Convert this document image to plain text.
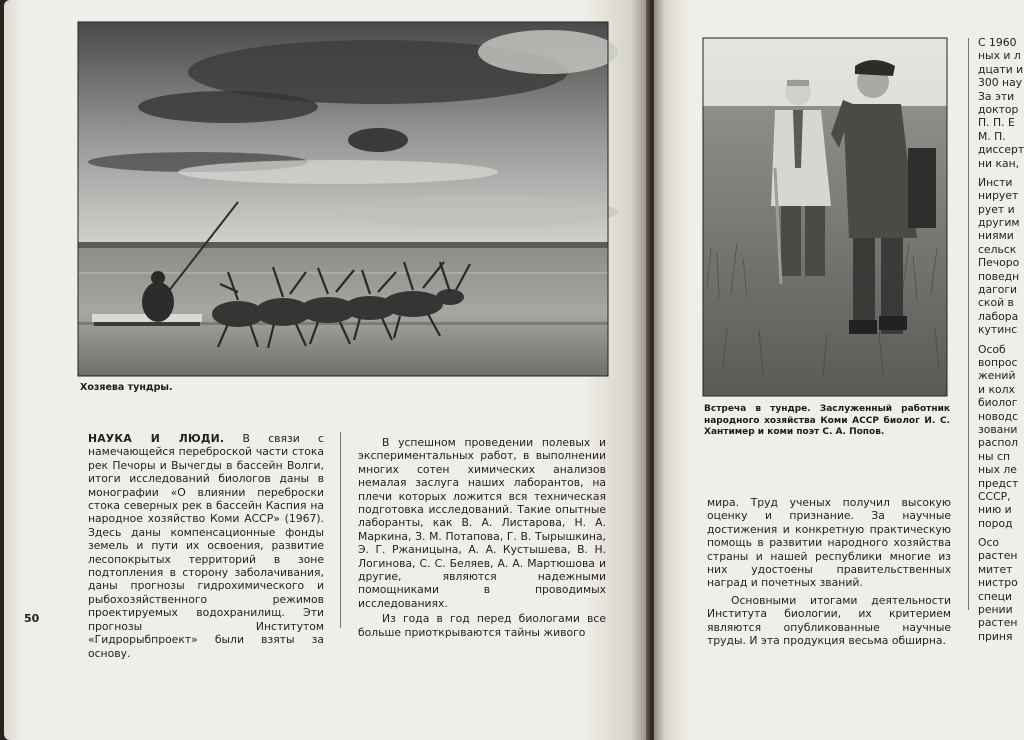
Хозяева тундры.

НАУКА И ЛЮДИ. В связи с намечающейся переброской части стока рек Печоры и Вычегды в бассейн Волги, итоги исследований биологов даны в монографии «О влиянии переброски стока северных рек в бассейн Каспия на народное хозяйство Коми АССР» (1967). Здесь даны компенсационные фонды земель и пути их освоения, развитие лесопокрытых территорий в зоне подтопления в сторону заболачивания, даны прогнозы гидрохимического и рыбохозяйственного режимов проектируемых водохранилищ. Эти прогнозы Институтом «Гидрорыбпроект» были взяты за основу.

В успешном проведении полевых и экспериментальных работ, в выполнении многих сотен химических анализов немалая заслуга наших лаборантов, на плечи которых ложится вся техническая подготовка исследований. Такие опытные лаборанты, как В. А. Листарова, Н. А. Маркина, З. М. Потапова, Г. В. Тырышкина, Э. Г. Ржаницына, А. А. Кустышева, В. Н. Логинова, С. С. Беляев, А. А. Мартюшова и другие, являются надежными помощниками в проводимых исследованиях.

Из года в год перед биологами все больше приоткрываются тайны живого

50
Встреча в тундре. Заслуженный работник народного хозяйства Коми АССР биолог И. С. Хантимер и коми поэт С. А. Попов.

мира. Труд ученых получил высокую оценку и признание. За научные достижения и конкретную практическую помощь в развитии народного хозяйства страны и нашей республики многие из них удостоены правительственных наград и почетных званий.

Основными итогами деятельности Института биологии, их критерием являются опубликованные научные труды. И эта продукция весьма обширна.

С 1960
ных и л
дцати и
300 нау
За эти
доктор
П. П. Е
М. П.
диссерт
ни кан,
Инсти
нирует
рует и
другим
ниями
сельск
Печоро
поведн
дагоги
ской в
лабора
кутинс
Особ
вопрос
жений
и колх
биолог
новодс
зовани
распол
ны сп
ных ле
предст
СССР,
нию и
пород
Осо
растен
митет
нистро
специ
рении
растен
приня
